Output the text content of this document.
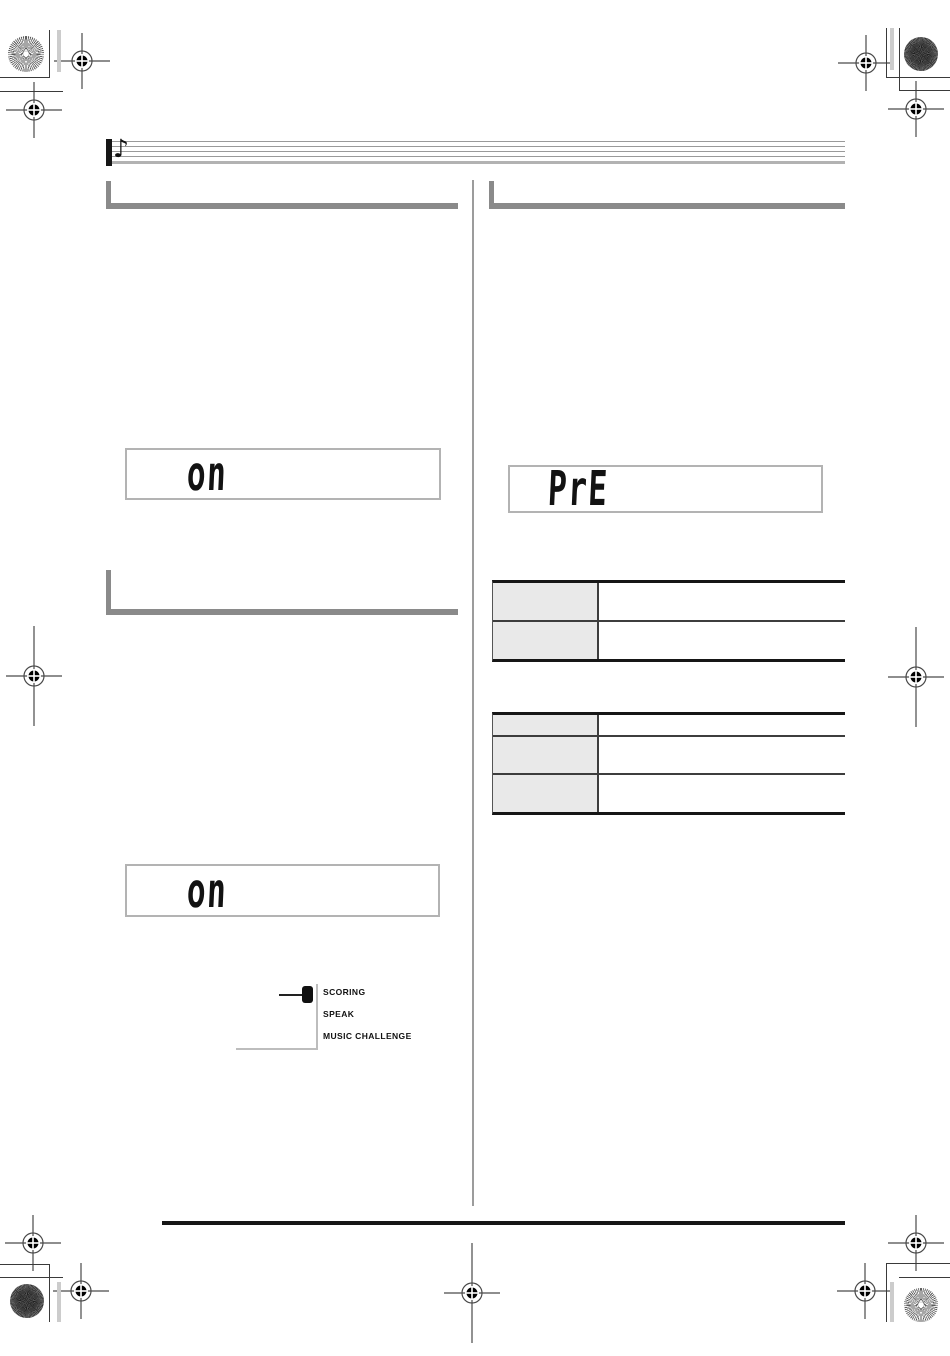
♪
on	PrE
on
SCORING
SPEAK
MUSIC CHALLENGE
